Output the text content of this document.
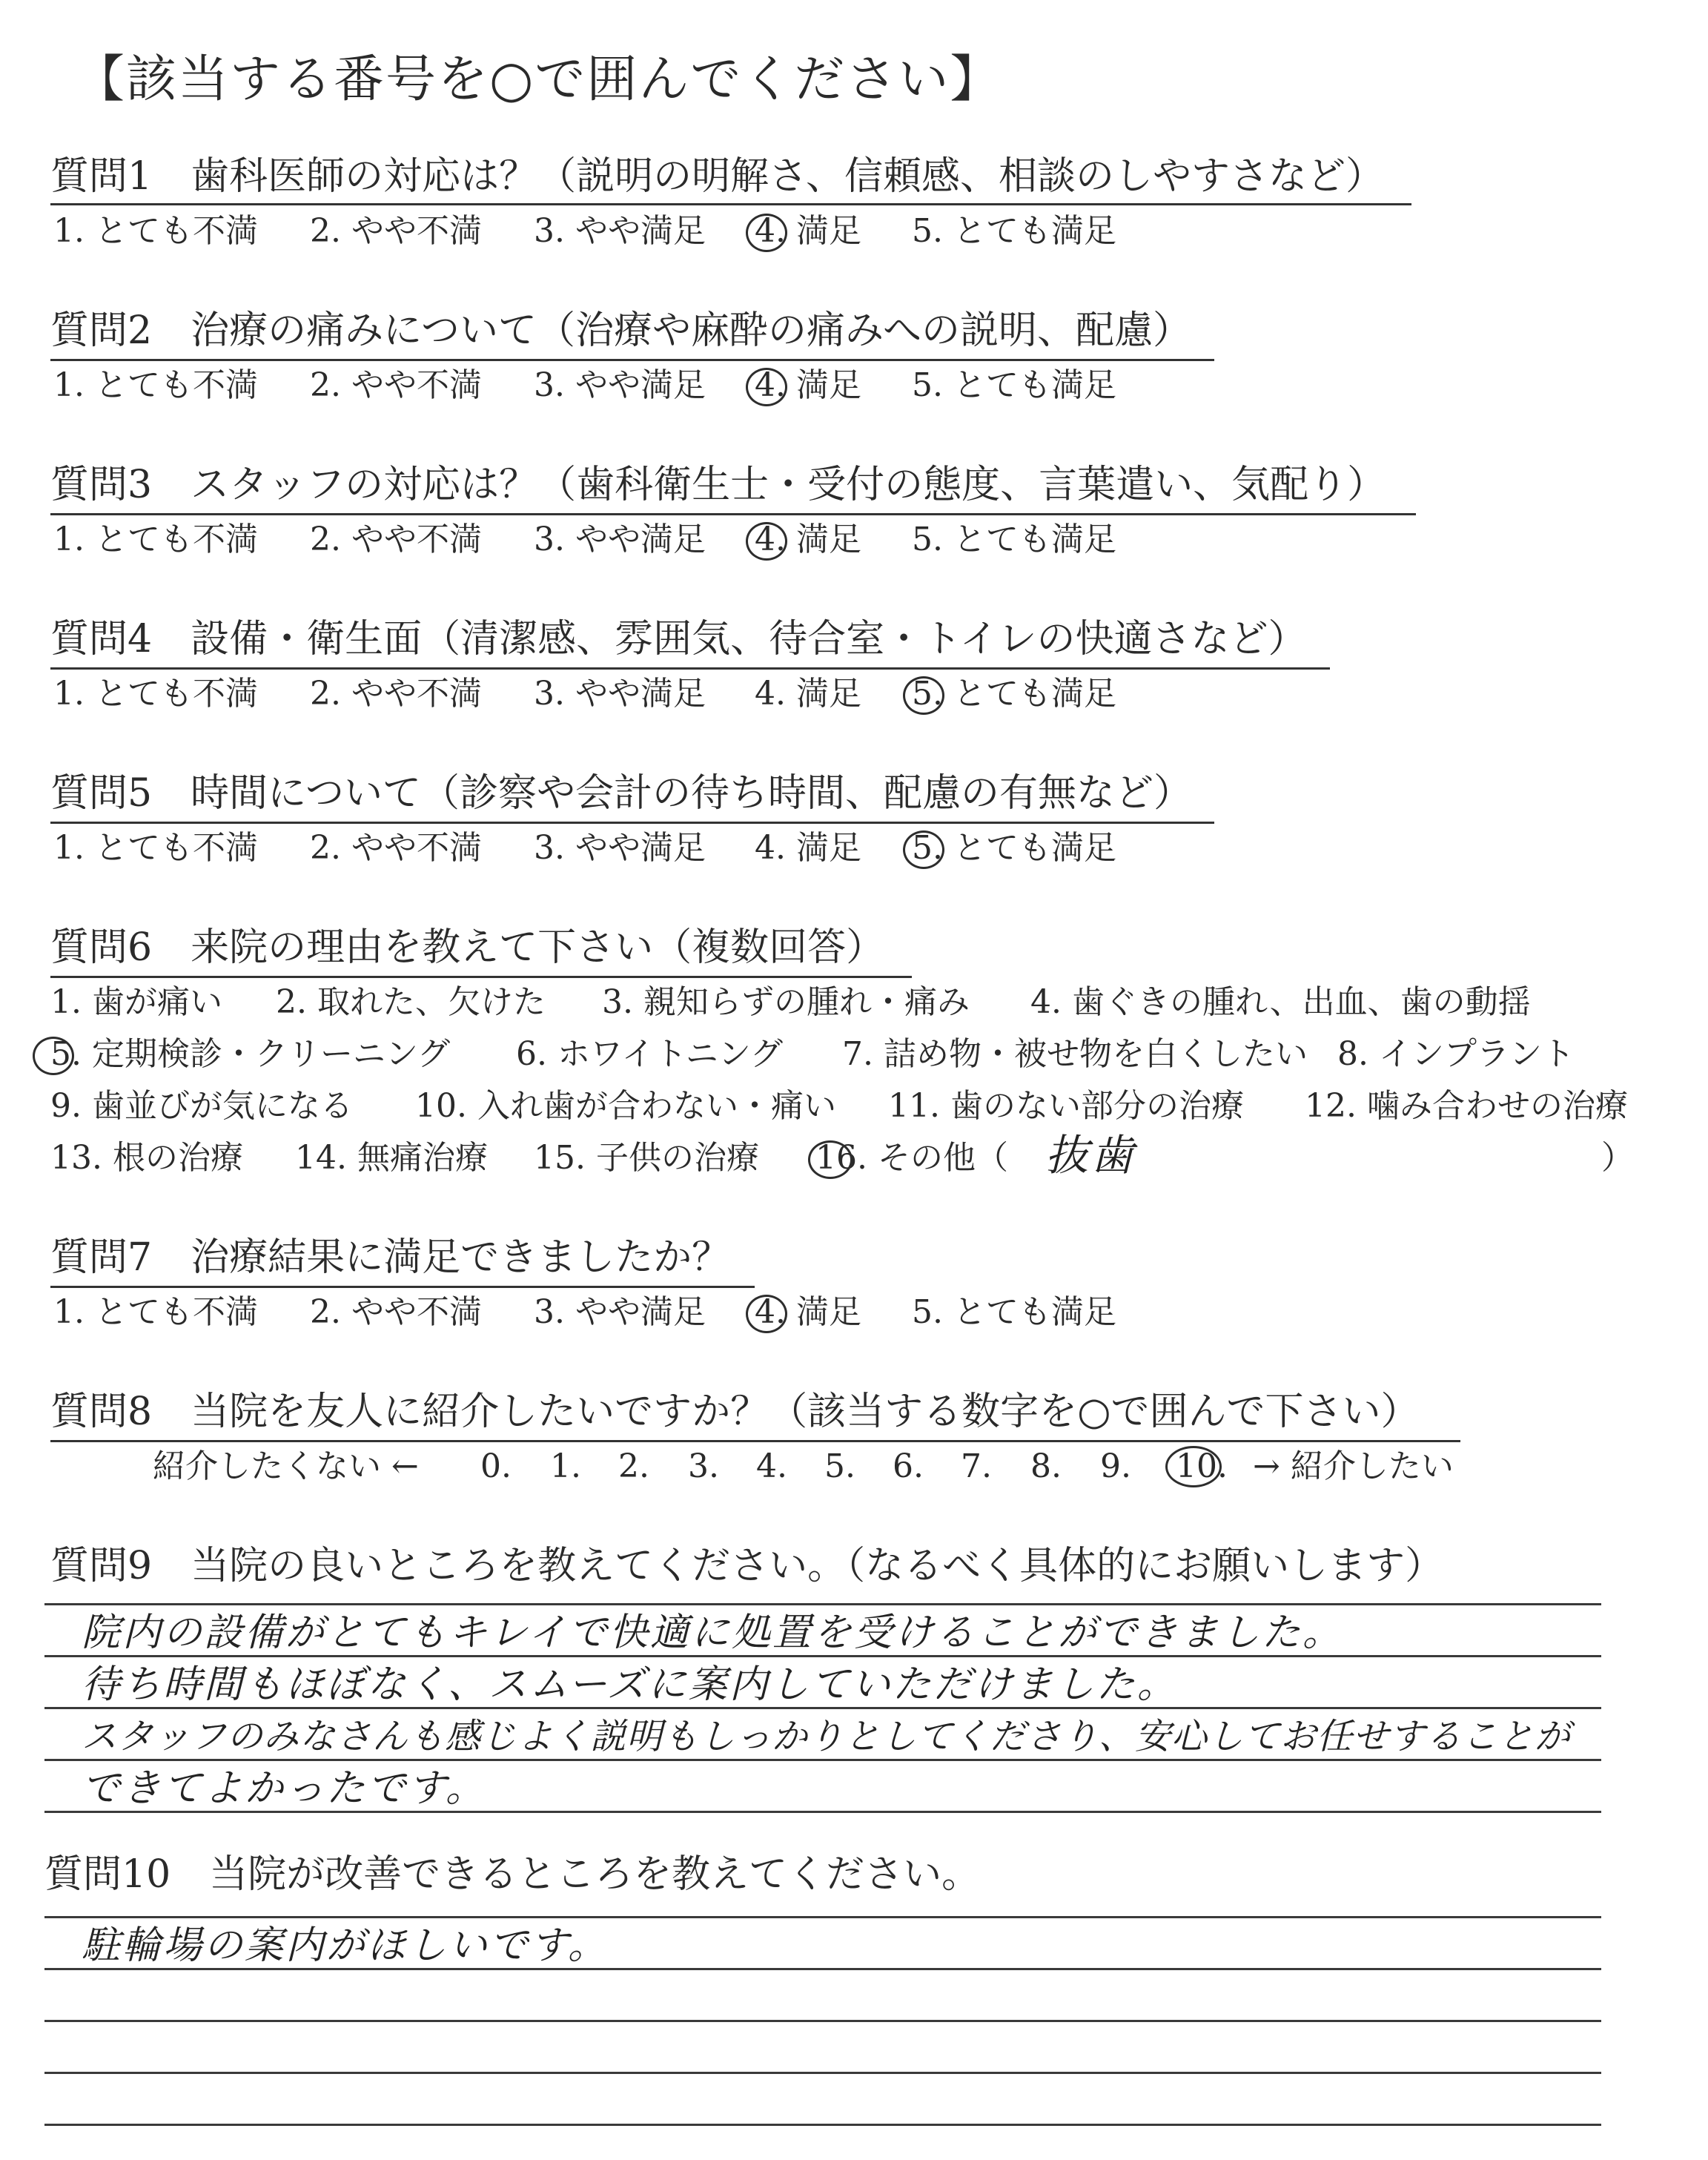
【該当する番号を○で囲んでください】
質問1　歯科医師の対応は？（説明の明解さ、信頼感、相談のしやすさなど）
1. とても不満 2. やや不満 3. やや満足 4. 満足 5. とても満足
質問2　治療の痛みについて（治療や麻酔の痛みへの説明、配慮）
1. とても不満 2. やや不満 3. やや満足 4. 満足 5. とても満足
質問3　スタッフの対応は？（歯科衛生士・受付の態度、言葉遣い、気配り）
1. とても不満 2. やや不満 3. やや満足 4. 満足 5. とても満足
質問4　設備・衛生面（清潔感、雰囲気、待合室・トイレの快適さなど）
1. とても不満 2. やや不満 3. やや満足 4. 満足 5. とても満足
質問5　時間について（診察や会計の待ち時間、配慮の有無など）
1. とても不満 2. やや不満 3. やや満足 4. 満足 5. とても満足
質問6　来院の理由を教えて下さい（複数回答）
1. 歯が痛い 2. 取れた、欠けた 3. 親知らずの腫れ・痛み 4. 歯ぐきの腫れ、出血、歯の動揺
5. 定期検診・クリーニング 6. ホワイトニング 7. 詰め物・被せ物を白くしたい 8. インプラント
9. 歯並びが気になる 10. 入れ歯が合わない・痛い 11. 歯のない部分の治療 12. 噛み合わせの治療
13. 根の治療 14. 無痛治療 15. 子供の治療 16. その他（ 抜歯	）
質問7　治療結果に満足できましたか？
1. とても不満 2. やや不満 3. やや満足 4. 満足 5. とても満足
質問8　当院を友人に紹介したいですか？（該当する数字を○で囲んで下さい）
紹介したくない ← 0. 1. 2. 3. 4. 5. 6. 7. 8. 9. 10. → 紹介したい
質問9　当院の良いところを教えてください。（なるべく具体的にお願いします）
院内の設備がとてもキレイで快適に処置を受けることができました。
待ち時間もほぼなく、スムーズに案内していただけました。
スタッフのみなさんも感じよく説明もしっかりとしてくださり、安心してお任せすることが
できてよかったです。
質問10　当院が改善できるところを教えてください。
駐輪場の案内がほしいです。
